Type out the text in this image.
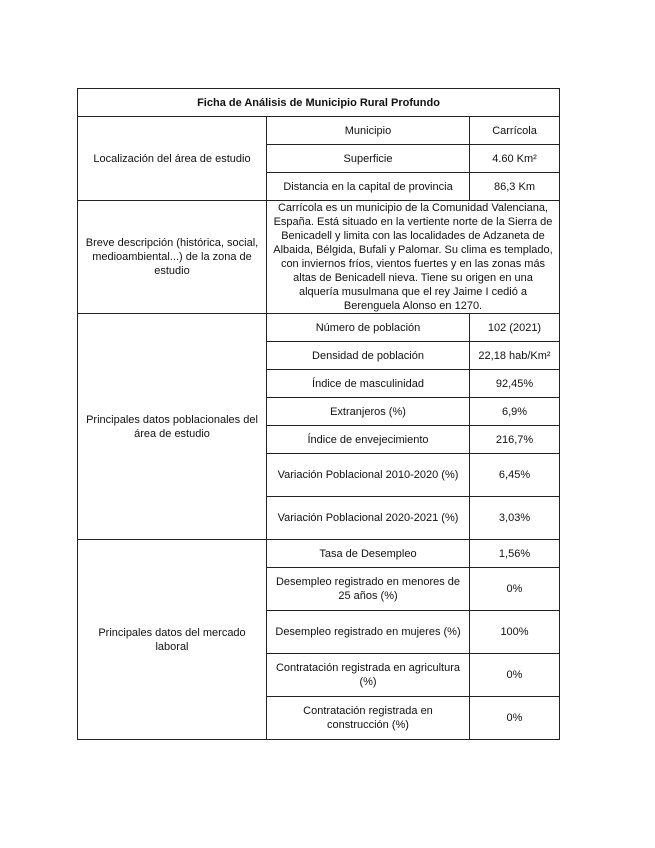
Ficha de Análisis de Municipio Rural Profundo		
Localización del área de estudio	Municipio	Carrícola
	Superficie	4.60 Km²
	Distancia en la capital de provincia	86,3 Km
Breve descripción (histórica, social, medioambiental...) de la zona de estudio	Carrícola es un municipio de la Comunidad Valenciana, España. Está situado en la vertiente norte de la Sierra de Benicadell y limita con las localidades de Adzaneta de Albaida, Bélgida, Bufali y Palomar. Su clima es templado, con inviernos fríos, vientos fuertes y en las zonas más altas de Benicadell nieva. Tiene su origen en una alquería musulmana que el rey Jaime I cedió a Berenguela Alonso en 1270.	
Principales datos poblacionales del área de estudio	Número de población	102 (2021)
	Densidad de población	22,18 hab/Km²
	Índice de masculinidad	92,45%
	Extranjeros (%)	6,9%
	Índice de envejecimiento	216,7%
	Variación Poblacional 2010-2020 (%)	6,45%
	Variación Poblacional 2020-2021 (%)	3,03%
Principales datos del mercado laboral	Tasa de Desempleo	1,56%
	Desempleo registrado en menores de 25 años (%)	0%
	Desempleo registrado en mujeres (%)	100%
	Contratación registrada en agricultura (%)	0%
	Contratación registrada en construcción (%)	0%
